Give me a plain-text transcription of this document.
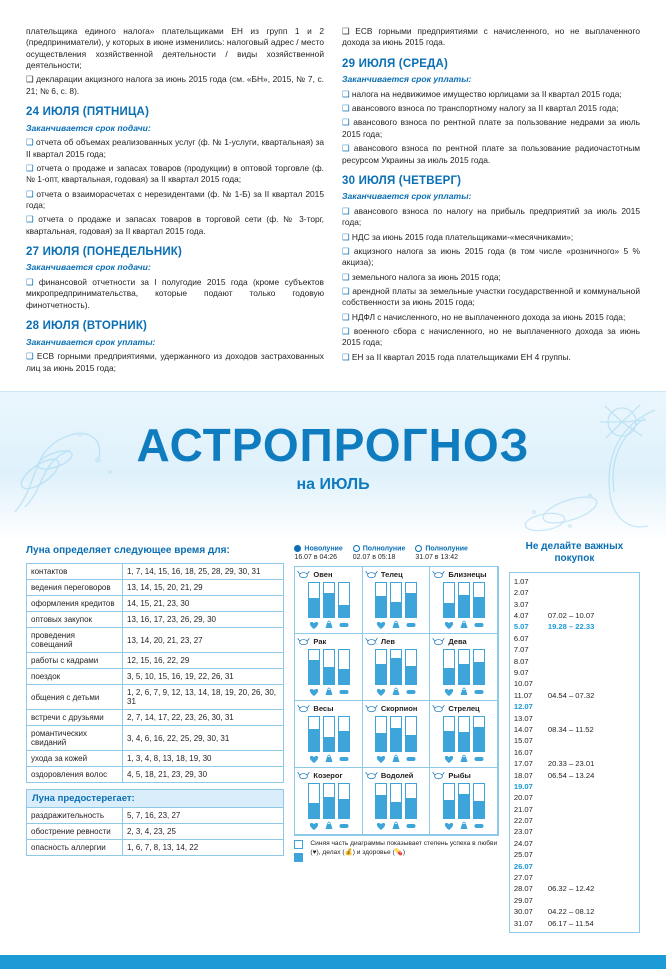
плательщика единого налога» плательщиками ЕН из групп 1 и 2 (предприниматели), у которых в июне изменились: налоговый адрес / место осуществления хозяйственной деятельности / виды хозяйственной деятельности;

❑ декларации акцизного налога за июнь 2015 года (см. «БН», 2015, № 7, с. 21; № 6, с. 8).

24 ИЮЛЯ (ПЯТНИЦА)
Заканчивается срок подачи:

❑ отчета об объемах реализованных услуг (ф. № 1-услуги, квартальная) за II квартал 2015 года;

❑ отчета о продаже и запасах товаров (продукции) в оптовой торговле (ф. № 1-опт, квартальная, годовая) за II квартал 2015 года;

❑ отчета о взаиморасчетах с нерезидентами (ф. № 1-Б) за II квартал 2015 года;

❑ отчета о продаже и запасах товаров в торговой сети (ф. № 3-торг, квартальная, годовая) за II квартал 2015 года.

27 ИЮЛЯ (ПОНЕДЕЛЬНИК)
Заканчивается срок подачи:

❑ финансовой отчетности за I полугодие 2015 года (кроме субъектов микропредпринимательства, которые подают только годовую финотчетность).

28 ИЮЛЯ (ВТОРНИК)
Заканчивается срок уплаты:

❑ ЕСВ горными предприятиями, удержанного из доходов застрахованных лиц за июнь 2015 года;

❑ ЕСВ горными предприятиями с начисленного, но не выплаченного дохода за июнь 2015 года.

29 ИЮЛЯ (СРЕДА)
Заканчивается срок уплаты:

❑ налога на недвижимое имущество юрлицами за II квартал 2015 года;

❑ авансового взноса по транспортному налогу за II квартал 2015 года;

❑ авансового взноса по рентной плате за пользование недрами за июль 2015 года;

❑ авансового взноса по рентной плате за пользование радиочастотным ресурсом Украины за июль 2015 года.

30 ИЮЛЯ (ЧЕТВЕРГ)
Заканчивается срок уплаты:

❑ авансового взноса по налогу на прибыль предприятий за июль 2015 года;

❑ НДС за июнь 2015 года плательщиками-«месячниками»;

❑ акцизного налога за июнь 2015 года (в том числе «розничного» 5 % акциза);

❑ земельного налога за июнь 2015 года;

❑ арендной платы за земельные участки государственной и коммунальной собственности за июнь 2015 года;

❑ НДФЛ с начисленного, но не выплаченного дохода за июнь 2015 года;

❑ военного сбора с начисленного, но не выплаченного дохода за июнь 2015 года;

❑ ЕН за II квартал 2015 года плательщиками ЕН 4 группы.

АСТРОПРОГНОЗ
на ИЮЛЬ
Луна определяет следующее время для:
контактов	1, 7, 14, 15, 16, 18, 25, 28, 29, 30, 31
ведения переговоров	13, 14, 15, 20, 21, 29
оформления кредитов	14, 15, 21, 23, 30
оптовых закупок	13, 16, 17, 23, 26, 29, 30
проведения совещаний	13, 14, 20, 21, 23, 27
работы с кадрами	12, 15, 16, 22, 29
поездок	3, 5, 10, 15, 16, 19, 22, 26, 31
общения с детьми	1, 2, 6, 7, 9, 12, 13, 14, 18, 19, 20, 26, 30, 31
встречи с друзьями	2, 7, 14, 17, 22, 23, 26, 30, 31
романтических свиданий	3, 4, 6, 16, 22, 25, 29, 30, 31
ухода за кожей	1, 3, 4, 8, 13, 18, 19, 30
оздоровления волос	4, 5, 18, 21, 23, 29, 30
Луна предостерегает:
раздражительность	5, 7, 16, 23, 27
обострение ревности	2, 3, 4, 23, 25
опасность аллергии	1, 6, 7, 8, 13, 14, 22
Новолуние
16.07 в 04:26
Полнолуние
02.07 в 05:18
Полнолуние
31.07 в 13:42
Овен	Телец	Близнецы
Рак	Лев	Дева
Весы	Скорпион	Стрелец
Козерог	Водолей	Рыбы

Синяя часть диаграммы показывает степень успеха в любви (♥), делах (💰) и здоровье (💊)
Не делайте важных покупок
1.07
2.07
3.07
4.07	07.02 – 10.07
5.07	19.28 – 22.33
6.07
7.07
8.07
9.07
10.07
11.07	04.54 – 07.32
12.07
13.07
14.07	08.34 – 11.52
15.07
16.07
17.07	20.33 – 23.01
18.07	06.54 – 13.24
19.07
20.07
21.07
22.07
23.07
24.07
25.07
26.07
27.07
28.07	06.32 – 12.42
29.07
30.07	04.22 – 08.12
31.07	06.17 – 11.54
